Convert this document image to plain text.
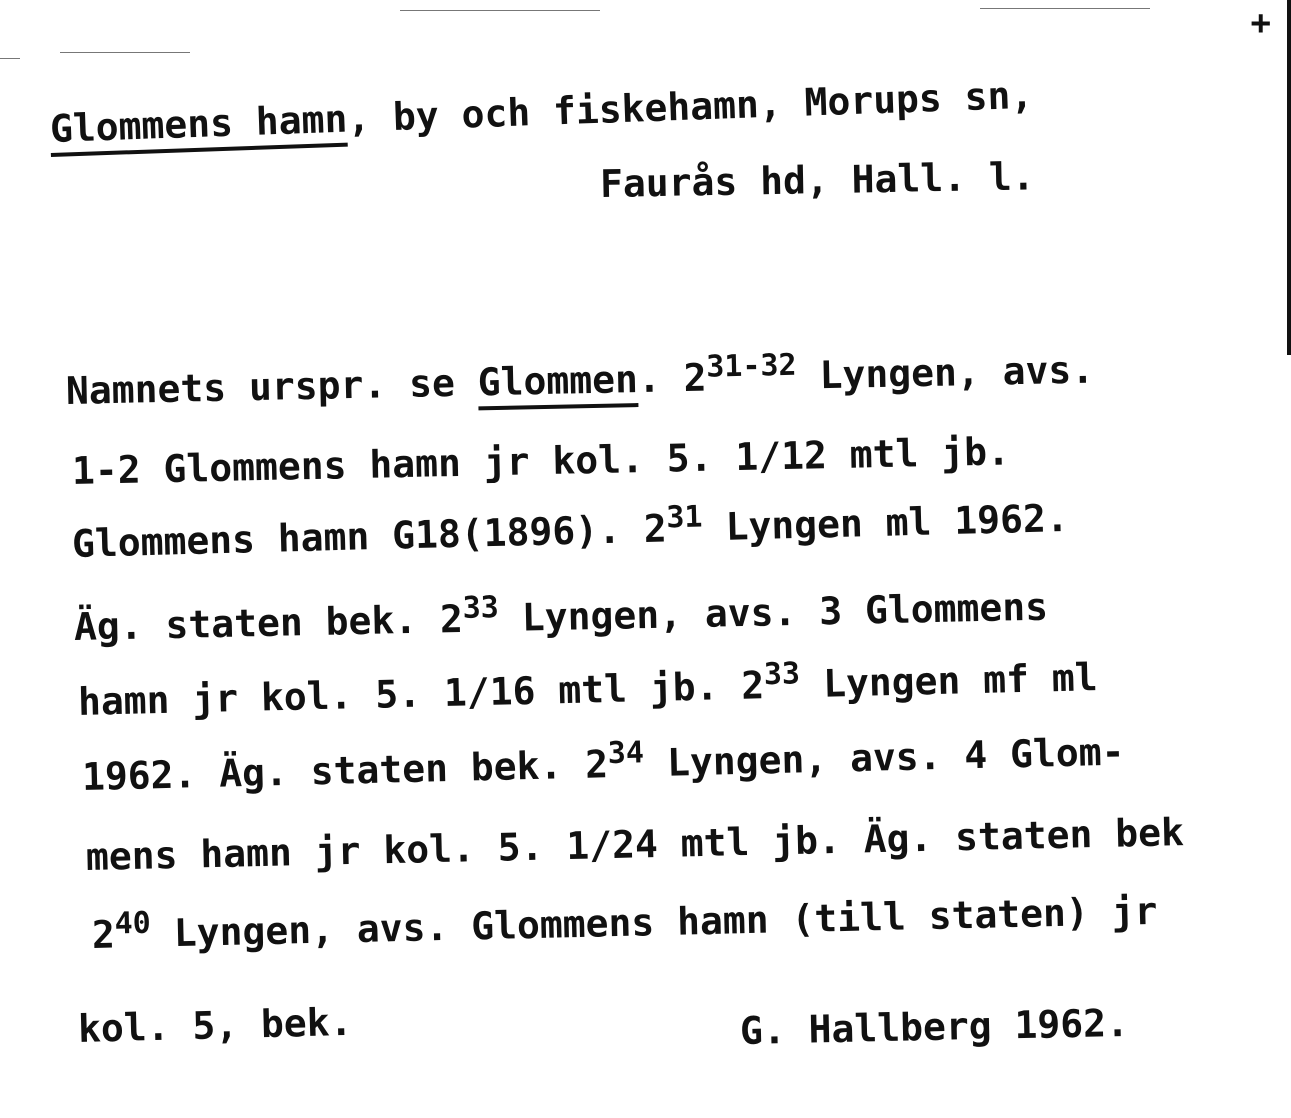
+
Glommens hamn, by och fiskehamn, Morups sn,
Faurås hd, Hall. l.
Namnets urspr. se Glommen. 2$^{31-32}$ Lyngen, avs.
1-2 Glommens hamn jr kol. 5. 1/12 mtl jb.
Glommens hamn G18(1896). $2^{31}$ Lyngen ml 1962.
Äg. staten bek. $2^{33}$ Lyngen, avs. 3 Glommens
hamn jr kol. 5. 1/16 mtl jb. $2^{33}$ Lyngen mf ml
1962. Äg. staten bek. $2^{34}$ Lyngen, avs. 4 Glom-
mens hamn jr kol. 5. 1/24 mtl jb. Äg. staten bek
$2^{40}$ Lyngen, avs. Glommens hamn (till staten) jr
kol. 5, bek.	G. Hallberg 1962.
